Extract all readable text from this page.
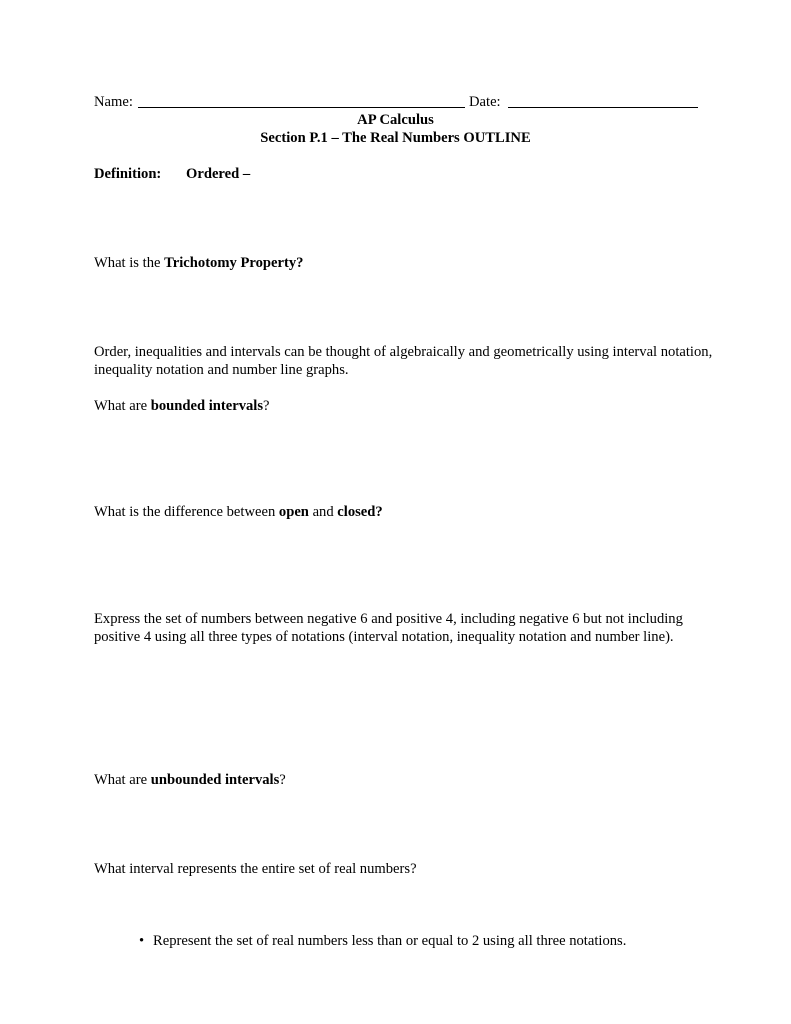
Name:	Date:
AP Calculus
Section P.1 – The Real Numbers OUTLINE
Definition: Ordered –
What is the Trichotomy Property?
Order, inequalities and intervals can be thought of algebraically and geometrically using interval notation, inequality notation and number line graphs.
What are bounded intervals?
What is the difference between open and closed?
Express the set of numbers between negative 6 and positive 4, including negative 6 but not including positive 4 using all three types of notations (interval notation, inequality notation and number line).
What are unbounded intervals?
What interval represents the entire set of real numbers?
• Represent the set of real numbers less than or equal to 2 using all three notations.
